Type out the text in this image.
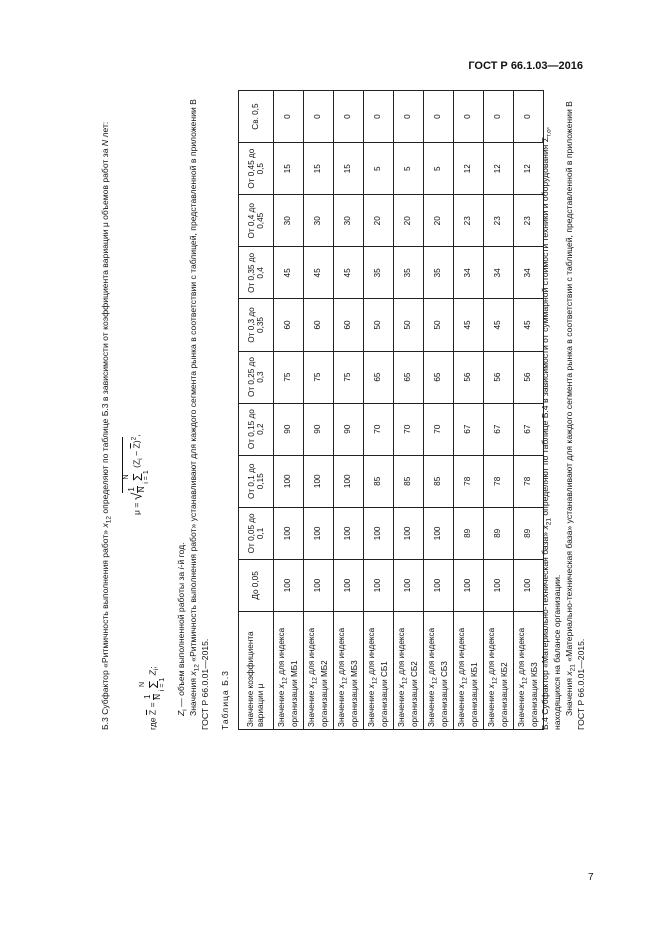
ГОСТ Р 66.1.03—2016
Б.3 Субфактор «Ритмичность выполнения работ» $x_{12}$ определяют по таблице Б.3 в зависимости от коэффициента вариации μ объемов работ за N лет:
μ = √
1 N

N Σ
i = 1
$(Z_i - \overline{Z})^2$,
где $\overline{Z}$ =
1 N

N Σ
i = 1
$Z_i$;
$Z_i$ — объем выполненной работы за i-й год.
Значения $x_{12}$ «Ритмичность выполнения работ» устанавливают для каждого сегмента рынка в соответствии с таблицей, представленной в приложении В
ГОСТ Р 66.0.01—2015. Таблица Б.3 Значение коэффициента вариации μ	До 0,05	От 0,05 до 0,1	От 0,1 до 0,15	От 0,15 до 0,2	От 0,25 до 0,3	От 0,3 до 0,35	От 0,35 до 0,4	От 0,4 до 0,45	От 0,45 до 0,5	Св. 0,5
Значение $x_{12}$ для индекса организации МБ1	100	100	100	90	75	60	45	30	15	0
Значение $x_{12}$ для индекса организации МБ2	100	100	100	90	75	60	45	30	15	0
Значение $x_{12}$ для индекса организации МБ3	100	100	100	90	75	60	45	30	15	0
Значение $x_{12}$ для индекса организации СБ1	100	100	85	70	65	50	35	20	5	0
Значение $x_{12}$ для индекса организации СБ2	100	100	85	70	65	50	35	20	5	0
Значение $x_{12}$ для индекса организации СБ3	100	100	85	70	65	50	35	20	5	0
Значение $x_{12}$ для индекса организации КБ1	100	89	78	67	56	45	34	23	12	0
Значение $x_{12}$ для индекса организации КБ2	100	89	78	67	56	45	34	23	12	0
Значение $x_{12}$ для индекса организации КБ3	100	89	78	67	56	45	34	23	12	0
Б.4 Субфактор «Материально-техническая база» $x_{21}$ определяют по таблице Б.4 в зависимости от суммарной стоимости техники и оборудования $\Sigma_{т,о}$,
находящихся на балансе организации. Значения $x_{21}$ «Материально-техническая база» устанавливают для каждого сегмента рынка в соответствии с таблицей, представленной в приложении В
ГОСТ Р 66.0.01—2015.
7
